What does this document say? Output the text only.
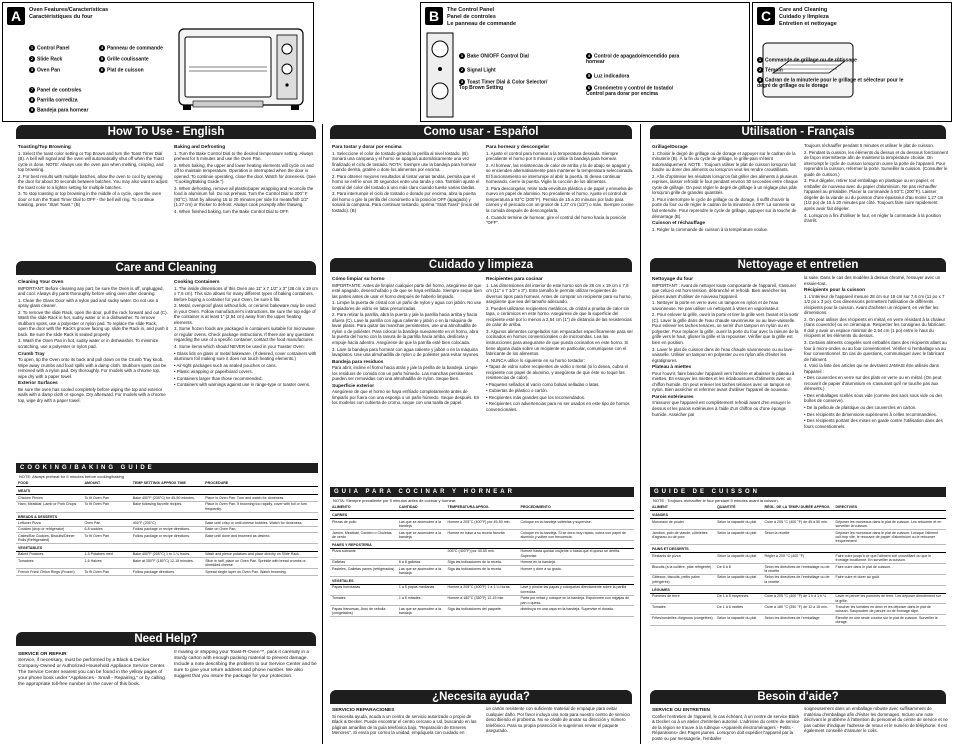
A	Oven Features/Características
Caractéristiques du four
1 Control Panel
2 Slide Rack
3 Oven Pan
4 Panneau de commande
5 Grille coulissante
6 Plat de cuisson
7 Panel de controles
8 Parrilla corrediza
9 Bandeja para hornear
B	The Control Panel
Panel de controles
Le panneau de commande
1 Bake ON/OFF Control Dial
2 Signal Light
3 Toast Timer Dial & Color Selector/ Top Brown Setting
4 Control de apagado/encendido para hornear
5 Luz indicadora
6 Cronómetro y control de tostado/ Control para dorar por encima
C	Care and Cleaning
Cuidado y limpieza
Entretien et nettoyage
1 Commande de grillage ou de rôtissage
2 Témoin
3 Cadran de la minuterie pour le grillage et sélecteur pour le degré de grillage ou le dorage
How To Use - English	Como usar - Español	Utilisation - Français
Toasting/Top Browning

1. Select the toast color setting or Top Brown and turn the Toast Timer Dial (B). A bell will signal and the oven will automatically shut off when the Toast cycle is done. NOTE: Always use the oven pan when melting, crisping, and top browning.

2. For best results with multiple batches, allow the oven to cool by opening the door for about 30 seconds between batches. You may also want to adjust the toast color to a lighter setting for multiple batches.

3. To stop toasting or top browning in the middle of a cycle, open the oven door or turn the Toast Timer Dial to OFF - the bell will ring. To continue toasting, press "Start Toast." (B)

Baking and Defrosting

1. Turn the Bake Control Dial to the desired temperature setting. Always preheat for 5 minutes and use the Oven Pan.

2. When baking, the upper and lower heating elements will cycle on and off to maintain temperature. Operation is interrupted when the door is opened. To continue operating, close the door. Watch for doneness. (See "Cooking/Baking Guide.")

3. When defrosting, remove all plastic/paper wrapping and reconcile the food in aluminum foil. Do not preheat. Turn the Control Dial to 200° F (93°C). Start by allowing 15 to 20 minutes per side for meats/fish 1/2" (1.27 cm) or thicker to defrost. Always cook promptly after thawing.

4. When finished baking, turn the Bake Control Dial to OFF.

Para tostar y dorar por encima

1. Seleccione el color de tostado girando la perilla al nivel tostado. (B). Sonará una campana y el horno se apagará automáticamente una vez finalizado el ciclo de tostado. NOTA: Siempre use la bandeja para hornear cuando derrita, gratine o dore los alimentos por encima.

2. Para obtener mejores resultados al tostar varias tandas, permita que el horno se enfríe unos 30 segundos entre una tanda y otra. También ajuste el control del color del tostado a uno más claro cuando tueste varias tandas.

3. Para interrumpir el ciclo de tostado o dorado por encima, abra la puerta del horno o gire la perilla del cronómetro a la posición OFF (apagado) y sonará la campana. Para continuar tostando, oprima "Start Toast" (inicio del tostado). (B)

Para hornear y descongelar

1. Ajuste el control para hornear a la temperatura deseada. Siempre precaliente el horno por 5 minutos y utilice la bandeja para hornear.

2. Al hornear, las resistencias de calor de arriba y la de abajo se apagan y se encienden alternativamente para mantener la temperatura seleccionada. El funcionamiento se interrumpe al abrir la puerta. Si desea continuar horneando, cierre la puerta. Vigile la cocción de los alimentos.

3. Para descongelar, retire toda envoltura plástica o de papel y envuelva de nuevo en papel de aluminio. No precaliente el horno. Ajuste el control de temperatura a 93°C (200°F). Permita de 15 a 20 minutos por lado para carnes y el pescado con un grosor de 1,27 cm (1/2") o más. Siempre cocine la comida después de descongelarla.

4. Cuando termine de hornear, gire el control del horno hacia la posición "OFF".

Grillage/Dorage

1. Choisir le degré de grillage ou de dorage et appuyer sur le cadran de la minuterie (B). À la fin du cycle de grillage, le grille-pain s'éteint automatiquement. NOTE : Toujours utiliser le plat de cuisson lorsqu'on fait fondre ou dorer des aliments ou lorsqu'on veut les rendre croustillants.

2. Afin d'optimiser les résultats lorsqu'on fait griller des aliments à plusieurs reprises, laisser refroidir le four pendant environ 30 secondes entre chaque cycle de grillage. On peut régler le degré de grillage à un réglage plus pâle lorsqu'on grille de grandes quantités.

3. Pour interrompre le cycle de grillage ou de dorage, il suffit d'ouvrir la porte du four ou de régler le cadran de la minuterie à OFF. La sonnerie se fait entendre. Pour reprendre le cycle de grillage, appuyer sur la touche de démarrage (B).

Cuisson et réchauffage

1. Régler la commande de cuisson à la température voulue.

Toujours réchauffer pendant 5 minutes et utiliser le plat de cuisson.

2. Pendant la cuisson, les éléments du dessus et du dessous fonctionnent de façon intermittente afin de maintenir la température choisie. On interrompt le cycle de cuisson lorsqu'on ouvre la porte de l'appareil. Pour reprendre la cuisson, refermer la porte. Surveiller la cuisson. (Consulter le guide de cuisson.)

3. Pour dégeler, retirer tout emballage en plastique ou en papier, et emballer de nouveau avec du papier d'aluminium. Ne pas réchauffer l'appareil au préalable. Placer la commande à 93°C (200°F). Laisser dégeler de la viande ou du poisson d'une épaisseur d'au moins 1,27 cm (1/2 po) de 15 à 20 minutes par côté. Toujours faire cuire rapidement après avoir fait dégeler.

4. Lorsqu'on a fini d'utiliser le four, en régler la commande à la position d'arrêt.

Care and Cleaning	Cuidado y limpieza	Nettoyage et entretien
Cleaning Your Oven

IMPORTANT: Before cleaning any part, be sure the Oven is off, unplugged, and cool. Always dry parts thoroughly before using oven after cleaning.

1. Clean the Glass Door with a nylon pad and sudsy water. Do not use a spray glass cleaner.

2. To remove the slide Rack, open the door, pull the rack forward and out (C). Wash the slide Rack in hot, sudsy water or in a dishwasher. To remove stubborn spots, use a polyester or nylon pad. To replace the slide Rack, open the door with the Rack's groove facing up, slide the Rack in, and push it back. Be sure the slide Rack is seated properly.

3. Wash the Oven Pan in hot, sudsy water or in dishwasher. To minimize scratching, use a polyester or nylon pad.

Crumb Tray

To open, tip the Oven onto its back and pull down on the Crumb Tray knob. Wipe away crumbs and food spills with a damp cloth. Stubborn spots can be removed with a nylon pad. Dry thoroughly. For models with a chrome top, wipe dry with a paper towel.

Exterior Surfaces

Be sure the oven has cooled completely before wiping the top and exterior walls with a damp cloth or sponge. Dry afterward. For models with a chrome top, wipe dry with a paper towel.

Cooking Containers

1. The inside dimensions of this Oven are 11" x 7 1/2" x 3" (28 cm x 19 cm x 7,6 cm). This size allows for many different types of baking containers. Before buying a container for your Oven, be sure it fits.

2. Metal, ovenproof glass without lids, or ceramic bakeware may be used in your Oven. Follow manufacturer's instructions. Be sure the top edge of the container is at least 1" (2,54 cm) away from the upper heating elements.

3. Some frozen foods are packaged in containers suitable for microwave or regular ovens. Check package instructions. If there are any questions regarding the use of a specific container, contact the food manufacturer.

4. Some items which should NEVER be used in your Toaster Oven:

• Glass lids on glass or metal bakeware. (If desired, cover containers with aluminum foil making sure it does not touch heating elements.)

• Air-tight packages such as sealed pouches or cans.

• Plastic wrapping or paperboard covers.

• Containers larger than those recommended.

• Containers with warnings against use in range-type or toaster ovens.

Cómo limpiar su horno

IMPORTANTE: Antes de limpiar cualquier parte del horno, asegúrese de que esté apagado, desenchufado y de que se haya enfriado. Siempre seque bien las partes antes de usar el horno después de haberlo limpiado.

1. Limpie la puerta de cristal con un paño de nylon y agua con jabón. No use limpiadores de vidrio en latas presurizadas.

2. Para retirar la parrilla, abra la puerta y jale la parrilla hacia arriba y hacia afuera (C). Lave la parrilla con agua caliente y jabón o en la máquina de lavar platos. Para quitar las manchas persistentes, use una almohadilla de nylon o de poliéster. Para colocar la bandeja nuevamente en el horno, abra la puerta del horno con la ranura de la parrilla hacia arriba, deslícela y empuje hacia adentro. Asegúrese de que la parrilla esté bien colocada.

3. Lave la bandeja para hornear con agua caliente y jabón o en la máquina lavaplatos. Use una almohadilla de nylon o de poliéster para evitar rayones.

Bandeja para residuos

Para abrir, incline el horno hacia atrás y jale la perilla de la bandeja. Limpie los residuos de comida con un paño húmedo. Las manchas persistentes pueden ser removidas con una almohadilla de nylon. Seque bien.

Superficie exterior

Asegúrese de que el horno se haya enfriado completamente antes de limpiarlo por fuera con una esponja o un paño húmedo. Seque después. En los modelos con cubierta de cromo, seque con una toalla de papel.

Recipientes para cocinar

1. Las dimensiones del interior de este horno son de 28 cm x 19 cm x 7,6 cm (11" x 7 1/2" x 3"). Este tamaño le permite utilizar recipientes de diversos tipos para hornear. Antes de comprar un recipiente para su horno, asegúrese que sea del tamaño adecuado.

2. Pueden utilizarse recipientes metálicos, de cristal a prueba de calor sin tapa, o cerámicos en este horno. Asegúrese de que la superficie del recipiente esté por lo menos a 2,54 cm (1") de distancia de las resistencias de calor de arriba.

3. Algunos alimentos congelados son empacados específicamente para ser cocinados en hornos convencionales o de microondas. Lea las instrucciones para asegurarse de que pueda cocinarlos en este horno. Si tiene alguna duda sobre un recipiente en particular, comuníquese con el fabricante de los alimentos.

4. NUNCA utilice lo siguiente en su horno tostador:

• Tapas de vidrio sobre recipientes de vidrio o metal (si lo desea, cubra el recipiente con papel de aluminio, y asegúrese de que éste no toque las resistencias de calor).

• Paquetes sellados al vacío como bolsas selladas o latas.

• Cubiertas de plástico o cartón.

• Recipientes más grandes que los recomendados.

• Recipientes con advertencias para no ser usados en este tipo de hornos convencionales.

Nettoyage du four

IMPORTANT : Avant de nettoyer toute composante de l'appareil, s'assurer que celui-ci est hors tension, débranché et refroidi. Bien assécher les pièces avant d'utiliser de nouveau l'appareil.

1. Nettoyer la porte en verre avec un tampon en nylon et de l'eau savonneuse. Ne pas utiliser un nettoyant à vitres en vaporisateur.

2. Pour enlever la grille, ouvrir la porte et tirer la grille vers l'avant et la sortir (C). Laver la grille dans de l'eau chaude savonneuse ou au lave-vaisselle. Pour enlever les taches tenaces, se servir d'un tampon en nylon ou en polyester. Pour replacer la grille, ouvrir la porte du four avec la rainure de la grille vers le haut, glisser la grille et la repousser. Vérifier que la grille est bien en position.

3. Laver le plat de cuisson dans de l'eau chaude savonneuse ou au lave-vaisselle. Utiliser un tampon en polyester ou en nylon afin d'éviter les égratignures.

Plateau à miettes

Pour l'ouvrir, faire basculer l'appareil vers l'arrière et abaisser le plateau à miettes. En essuyer les miettes et les éclaboussures d'aliments avec un chiffon humide. On peut enlever les taches tenaces avec un tampon en nylon. Bien assécher et refermer avant d'utiliser l'appareil de nouveau.

Parois extérieures

S'assurer que l'appareil est complètement refroidi avant d'en essuyer le dessus et les parois extérieures à l'aide d'un chiffon ou d'une éponge humide. Assécher par

la suite. Dans le cas des modèles à dessus chromé, l'essuyer avec un essuie-tout.

Récipients pour la cuisson

1. L'intérieur de l'appareil mesure 28 cm sur 19 cm sur 7,6 cm (11 po x 7 1/2 po x 3 po). Ces dimensions permettent l'utilisation de différents récipients pour la cuisson. Avant d'acheter un récipient, en vérifier les dimensions.

2. On peut utiliser des récipients en métal, en verre résistant à la chaleur (sans couvercle) ou en céramique. Respecter les consignes du fabricant. Il doit y avoir un espace minimal de 2,54 cm (1 po) entre le haut du récipient et les éléments du dessus.

3. Certains aliments congelés sont emballés dans des récipients allant au four à micro-ondes ou au four conventionnel. Vérifier si l'emballage va au four conventionnel. En cas de questions, communiquer avec le fabricant de l'aliment.

4. Voici la liste des articles qui ne devraient JAMAIS être utilisés dans l'appareil :

• Des couvercles en verre sur des plats en verre ou en métal. (On peut recouvrir de papier d'aluminium en s'assurant qu'il ne touche pas aux éléments.)

• Des emballages scellés sous vide (comme des sacs sous vide ou des boîtes de conserve).

• De la pellicule de plastique ou des couvercles en carton.

• Des récipients de dimensions supérieures à celles recommandées.

• Des récipients portant des mises en garde contre l'utilisation dans des fours conventionnels.

COOKING/BAKING GUIDE
NOTE: Always preheat for 5 minutes before cooking/baking
FOOD	AMOUNT	TEMP SETTING/ APPROX TIME	PROCEDURE
MEATS			
Chicken Pieces	To fit Oven Pan	Bake 400°F (205°C) for 45-50 minutes.	Place in Oven Pan. Turn and watch for doneness.
Ham, Meatloaf, Lamb or Pork Chops	To fit Oven Pan	Bake following favorite recipes.	Place in Oven Pan. If browning too rapidly, cover with foil or turn frequently.
BREADS & DESSERTS			
Leftover Pizza	Oven Pan	400°F (205°C)	Bake until crisp or until cheese bubbles. Watch for doneness.
Cookies (drop or refrigerator)	6-8 cookies	Follow package or recipe directions.	Bake on Oven Pan.
Cakes/Bar Cookies, Biscuits/Dinner Rolls (Refrigerated)	To fit Oven Pan	Follow package or recipe directions.	Bake until done and browned as desired.
VEGETABLES			
Baked Potatoes	1-5 Potatoes med.	Bake 400°F (205°C) 1 to 1-¼ hours.	Wash and pierce potatoes and place directly on Slide Rack.
Tomatoes	1-6 Halves	Bake at 350°F (180°C) 12-15 minutes.	Slice in half, place on Oven Pan. Sprinkle with bread crumbs or shredded cheese.
French Fries/ Onion Rings (Frozen)	To fit Oven Pan	Follow package directions.	Spread single layer on Oven Pan. Watch browning.
GUIA PARA COCINAR Y HORNEAR
NOTA: Siempre precaliente por 5 minutos antes de cocinar y hornear.
ALIMENTO	CANTIDAD	TEMPERATURA APROX.	PROCEDIMIENTO
CARNES			
Piezas de pollo	Las que se acomoden a la bandeja	Hornee a 205°C (400°F) por 45-50 min.	Coloque en la bandeja voltéelas y supervise.
Jamón, Meatloaf, Cordero o Chuletas de cerdo	Las que se acomoden a la bandeja	Hornee en base a su receta favorita	Coloque en la bandeja. Si se dora muy rápido, cubra con papel de aluminio y voltee con frecuencia.
PANES Y REPOSTERIA			
Pizza sobrante		205°C (400°F) por 40-50 min.	Hornee hasta quedar crujiente o hasta que el queso se derrita. Supervise.
Galletas	6 a 8 galletas	Siga las indicaciones de la receta.	Hornee en la bandeja.
Pasteles, Galletas panes (refrigerados)	Las que se acomoden a la bandeja	Siga las indicaciones de la receta.	Hornee y dore a su gusto.
VEGETALES			
Papas horneadas	1 a 5 papas medianas	Hornee a 205°C (400°F) 1 a 1-¼ horas.	Lave y pinche las papas y colóquelas directamente sobre la parilla corrediza.
Tomates	1 a 6 mitades	Hornee a 180°C (350°F) 12-15 min.	Parta por mitad y coloque en la bandeja. Espolvoree con migajas de pan o queso.
Papas francesas, Aros de cebolla (congelados)	Las que se acomoden a la bandeja	Siga las indicaciones del paquete.	distribuya en una capa en la bandeja. Supervise el dorado.
GUIDE DE CUISSON
NOTE : Toujours réchauffer le four pendant 5 minutes avant la cuisson.
ALIMENT	QUANTITÉ	RÉGL. DE LA TEMP./ DURÉE APPROX.	DIRECTIVES
VIANDES			
Morceaux de poulet	Selon la capacité du plat	Cuire à 205 °C (400 °F) de 45 à 50 min.	Déposer les morceaux dans le plat de cuisson. Les retourner et en surveiller la cuisson.
Jambon, pain de viande, côtelettes d'agneau ou de porc	Selon la capacité du plat	Selon la recette	Déposer les morceaux dans le plat de cuisson. Lorsque l'aliment cuit trop vite, le recouvrir de papier d'aluminium ou le retourner fréquemment.
PAINS ET DESSERTS			
Restants de pizza	Selon la capacité du plat	Régler à 205 °C (400 °F)	Faire cuire jusqu'à ce que l'aliment soit croustillant ou que le fromage bouillonne. En surveiller la cuisson.
Biscuits (à la cuillère, pâte réfrigérée)	De 6 à 8	Selon les directives de l'emballage ou de la recette	Faire cuire dans le plat de cuisson.
Gâteaux, biscuits, petits pains (réfrigérés)	Selon la capacité du plat	Selon les directives de l'emballage ou de la recette	Faire cuire et dorer au goût.
LÉGUMES			
Pommes de terre	De 1 à 5 moyennes	Cuire à 205 °C (400 °F) de 1 h à 1 h ¼	Laver et percer les pommes de terre. Les déposer directement sur la grille.
Tomates	De 1 à 6 moitiés	Cuire à 180 °C (350 °F) de 12 à 15 min.	Trancher les tomates en deux et les déposer dans le plat de cuisson. Saupoudrer de panure ou de fromage râpé.
Frites/rondelles d'oignons (congelées)	Selon la capacité du plat	Selon les directives de l'emballage	Étendre en une seule couche sur le plat de cuisson. Surveiller le dorage.
Need Help?
¿Necesita ayuda?	Besoin d'aide?
SERVICE OR REPAIR

Service, if necessary, must be performed by a Black & Decker Company-Owned or Authorized Household Appliance Service Center. The Service Center nearest you can be found in the yellow pages of your phone book under "Appliances - Small - Repairing," or by calling the appropriate toll-free number on the cover of this book.

If mailing or shipping your Toast-R-Oven™, pack it carefully in a sturdy carton with enough packing material to prevent damage. Include a note describing the problem to our Service Center and be sure to give your return address and phone number. We also suggest that you insure the package for your protection.

SERVICIO REPARACIONES

Si necesita ayuda, acuda a un centro de servicio autorizado o propio de Black & Decker. Puede encontrar el centro cercano a Ud. buscando en las páginas amarillas de la guía telefónica bajo, "Reparación de Enseres Menores". Si envía por correo la unidad, empáquela con cuidado en

un cartón resistente con suficiente material de empaque para evitar cualquier daño. Por favor incluya una nota para nuestro centro de servicio describiendo el problema. No se olvide de anotar su dirección y número telefónico. Para su propia protección le sugerimos enviar el paquete asegurado.

SERVICE OU ENTRETIEN

Confier l'entretien de l'appareil, le cas échéant, à un centre de service Black & Decker ou à un atelier d'entretien autorisé. L'adresse du centre de service de la région se trouve à la rubrique «Appareils électroménagers - Petits - Réparations» des Pages jaunes. Lorsqu'on doit expédier l'appareil par la poste ou par messagerie, l'emballer

soigneusement dans un emballage robuste avec suffisamment de matériau d'emballage afin d'éviter les dommages. Inclure une note décrivant le problème à l'attention du personnel du centre de service et ne pas oublier d'indiquer l'adresse de retour et le numéro de téléphone. Il est également conseillé d'assurer le colis.
